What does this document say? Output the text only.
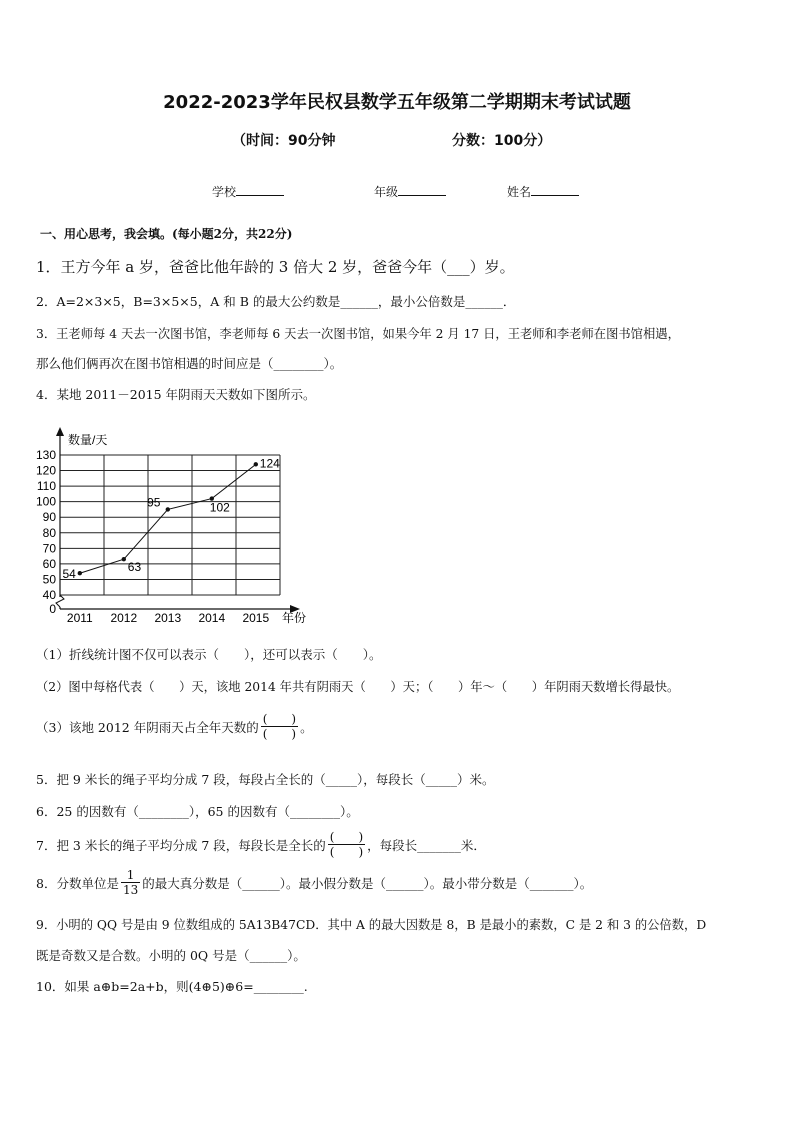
2022-2023学年民权县数学五年级第二学期期末考试试题
（时间：90分钟	分数：100分）
学校	年级	姓名
一、用心思考，我会填。(每小题2分，共22分)
1．王方今年 a 岁，爸爸比他年龄的 3 倍大 2 岁，爸爸今年（___）岁。
2．A=2×3×5，B=3×5×5，A 和 B 的最大公约数是______，最小公倍数是______．
3．王老师每 4 天去一次图书馆，李老师每 6 天去一次图书馆，如果今年 2 月 17 日，王老师和李老师在图书馆相遇，
那么他们俩再次在图书馆相遇的时间应是（________）。
4．某地 2011－2015 年阴雨天天数如下图所示。
0
40
50
60
70
80
90
100
110
120
130
2011 2012 2013 2014 2015
54	63
95	102
124
数量/天
年份
（1）折线统计图不仅可以表示（　　），还可以表示（　　）。
（2）图中每格代表（　　）天，该地 2014 年共有阴雨天（　　）天；（　　）年～（　　）年阴雨天数增长得最快。
（3）该地 2012 年阴雨天占全年天数的 $\frac{( )}{( )}$ 。
5．把 9 米长的绳子平均分成 7 段，每段占全长的（_____），每段长（_____）米。
6．25 的因数有（________），65 的因数有（________）。
7．把 3 米长的绳子平均分成 7 段，每段长是全长的 $\frac{( )}{( )}$ ，每段长_______米．
8．分数单位是 $\frac{1}{13}$ 的最大真分数是（______）。最小假分数是（______）。最小带分数是（_______）。
9．小明的 QQ 号是由 9 位数组成的 5A13B47CD．其中 A 的最大因数是 8，B 是最小的素数，C 是 2 和 3 的公倍数，D
既是奇数又是合数。小明的 0Q 号是（______）。
10．如果 a⊕b=2a+b，则(4⊕5)⊕6=________.
